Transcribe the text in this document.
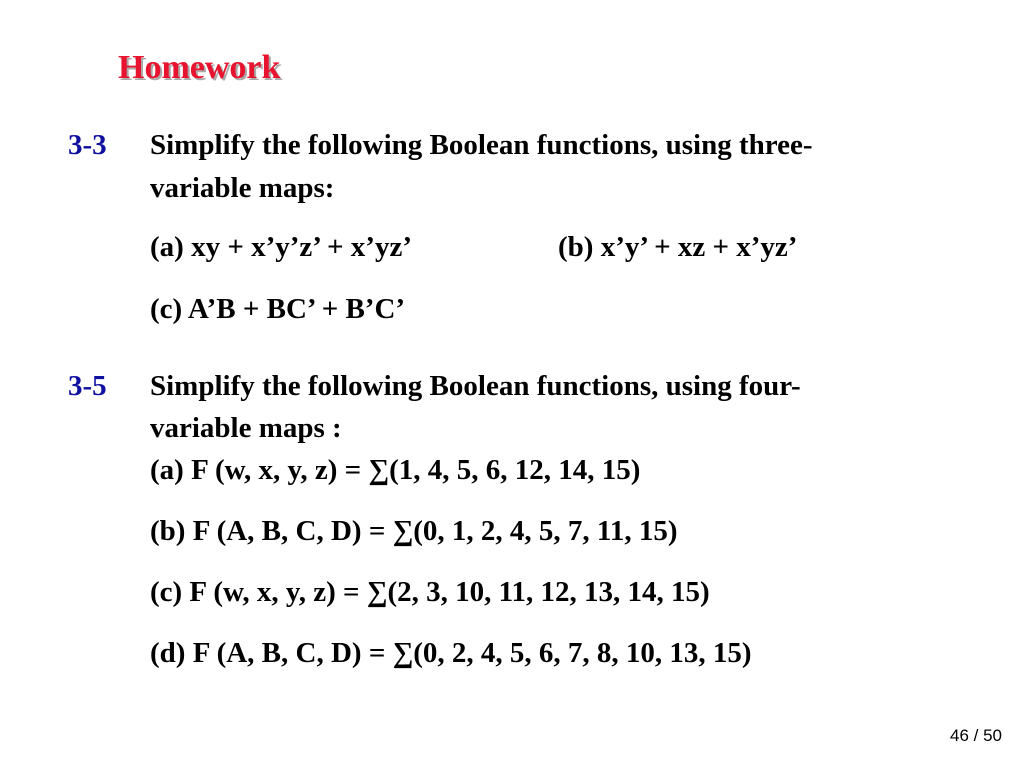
Homework
3-3 Simplify the following Boolean functions, using three-
variable maps:
(a) xy + x’y’z’ + x’yz’	(b) x’y’ + xz + x’yz’
(c) A’B + BC’ + B’C’
3-5 Simplify the following Boolean functions, using four-
variable maps :
(a) F (w, x, y, z) = ∑(1, 4, 5, 6, 12, 14, 15)
(b) F (A, B, C, D) = ∑(0, 1, 2, 4, 5, 7, 11, 15)
(c) F (w, x, y, z) = ∑(2, 3, 10, 11, 12, 13, 14, 15)
(d) F (A, B, C, D) = ∑(0, 2, 4, 5, 6, 7, 8, 10, 13, 15)
46 / 50
